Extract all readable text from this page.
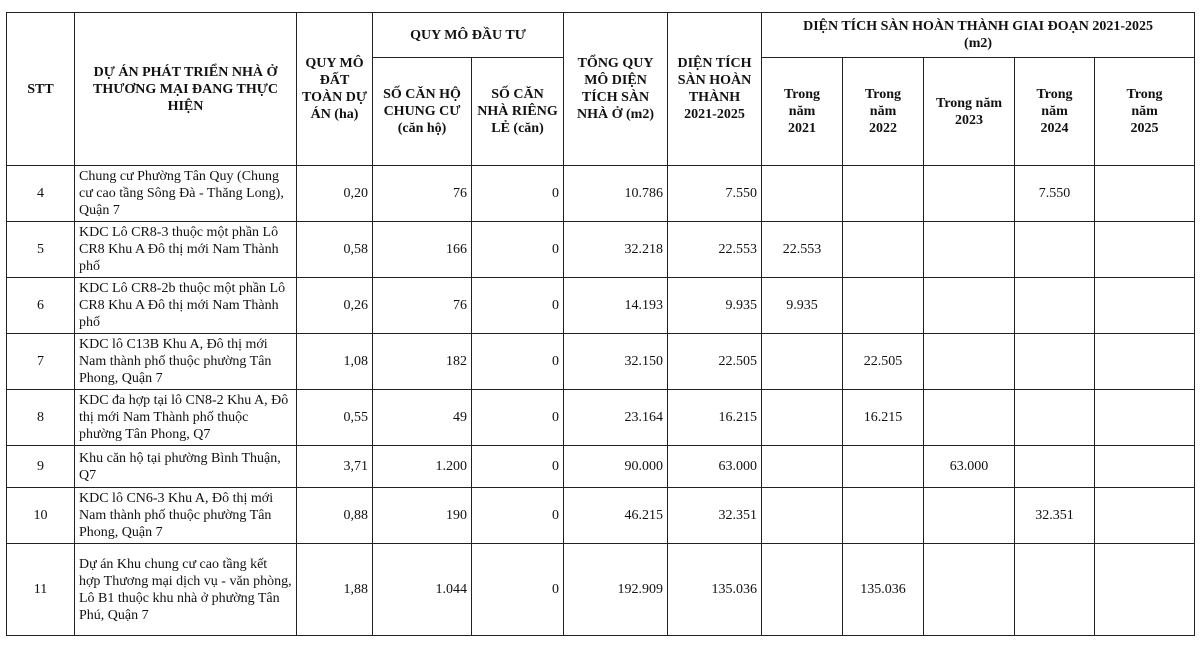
STT	DỰ ÁN PHÁT TRIỂN NHÀ Ở THƯƠNG MẠI ĐANG THỰC HIỆN	QUY MÔ ĐẤT TOÀN DỰ ÁN (ha)	QUY MÔ ĐẦU TƯ		TỔNG QUY MÔ DIỆN TÍCH SÀN NHÀ Ở (m2)	DIỆN TÍCH SÀN HOÀN THÀNH 2021-2025	DIỆN TÍCH SÀN HOÀN THÀNH GIAI ĐOẠN 2021-2025 (m2)				
			SỐ CĂN HỘ CHUNG CƯ (căn hộ)	SỐ CĂN NHÀ RIÊNG LẺ (căn)			Trong năm 2021	Trong năm 2022	Trong năm 2023	Trong năm 2024	Trong năm 2025
4	Chung cư Phường Tân Quy (Chung cư cao tầng Sông Đà - Thăng Long), Quận 7	0,20	76	0	10.786	7.550				7.550	
5	KDC Lô CR8-3 thuộc một phần Lô CR8 Khu A Đô thị mới Nam Thành phố	0,58	166	0	32.218	22.553	22.553				
6	KDC Lô CR8-2b thuộc một phần Lô CR8 Khu A Đô thị mới Nam Thành phố	0,26	76	0	14.193	9.935	9.935				
7	KDC lô C13B Khu A, Đô thị mới Nam thành phố thuộc phường Tân Phong, Quận 7	1,08	182	0	32.150	22.505		22.505			
8	KDC đa hợp tại lô CN8-2 Khu A, Đô thị mới Nam Thành phố thuộc phường Tân Phong, Q7	0,55	49	0	23.164	16.215		16.215			
9	Khu căn hộ tại phường Bình Thuận, Q7	3,71	1.200	0	90.000	63.000			63.000		
10	KDC lô CN6-3 Khu A, Đô thị mới Nam thành phố thuộc phường Tân Phong, Quận 7	0,88	190	0	46.215	32.351				32.351	
11	Dự án Khu chung cư cao tầng kết hợp Thương mại dịch vụ - văn phòng, Lô B1 thuộc khu nhà ở phường Tân Phú, Quận 7	1,88	1.044	0	192.909	135.036		135.036			
